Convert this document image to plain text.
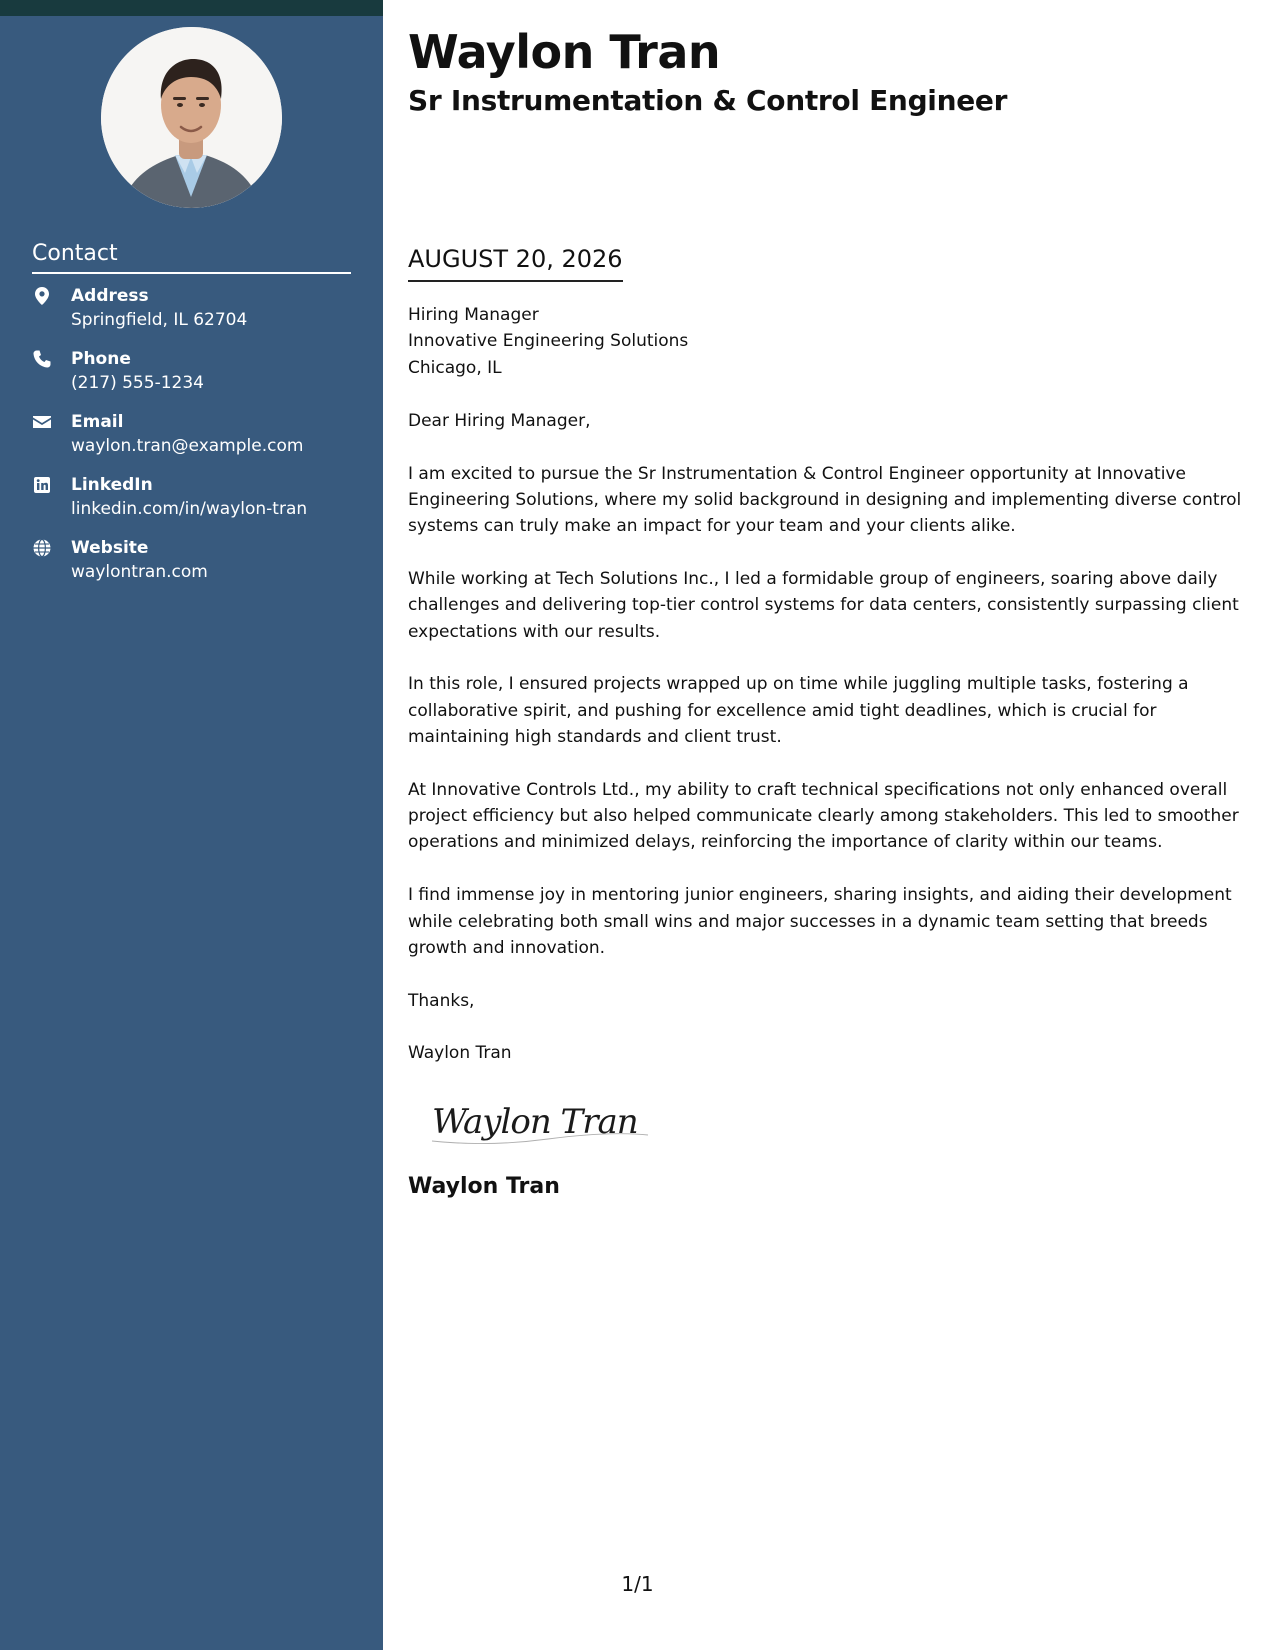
Contact
Address
Springfield, IL 62704
Phone
(217) 555-1234
Email
waylon.tran@example.com
LinkedIn
linkedin.com/in/waylon-tran
Website
waylontran.com
Waylon Tran
Sr Instrumentation & Control Engineer
AUGUST 20, 2026
Hiring Manager
Innovative Engineering Solutions
Chicago, IL

Dear Hiring Manager,

I am excited to pursue the Sr Instrumentation & Control Engineer opportunity at Innovative Engineering Solutions, where my solid background in designing and implementing diverse control systems can truly make an impact for your team and your clients alike.

While working at Tech Solutions Inc., I led a formidable group of engineers, soaring above daily challenges and delivering top-tier control systems for data centers, consistently surpassing client expectations with our results.

In this role, I ensured projects wrapped up on time while juggling multiple tasks, fostering a collaborative spirit, and pushing for excellence amid tight deadlines, which is crucial for maintaining high standards and client trust.

At Innovative Controls Ltd., my ability to craft technical specifications not only enhanced overall project efficiency but also helped communicate clearly among stakeholders. This led to smoother operations and minimized delays, reinforcing the importance of clarity within our teams.

I find immense joy in mentoring junior engineers, sharing insights, and aiding their development while celebrating both small wins and major successes in a dynamic team setting that breeds growth and innovation.

Thanks,

Waylon Tran
Waylon Tran
Waylon Tran
1/1
